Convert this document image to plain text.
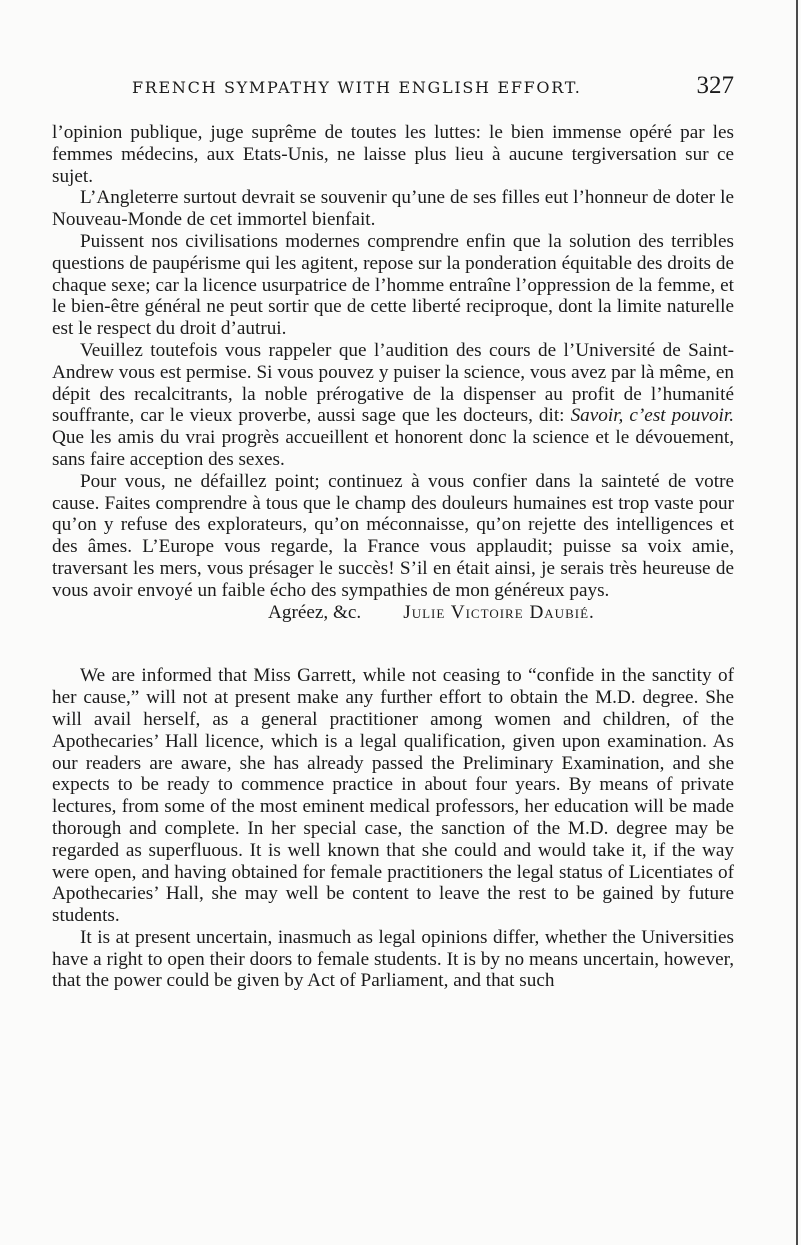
FRENCH SYMPATHY WITH ENGLISH EFFORT.	327

l’opinion publique, juge suprême de toutes les luttes: le bien immense opéré par les femmes médecins, aux Etats-Unis, ne laisse plus lieu à aucune tergiversation sur ce sujet.

L’Angleterre surtout devrait se souvenir qu’une de ses filles eut l’honneur de doter le Nouveau-Monde de cet immortel bienfait.

Puissent nos civilisations modernes comprendre enfin que la solution des terribles questions de paupérisme qui les agitent, repose sur la ponderation équitable des droits de chaque sexe; car la licence usurpatrice de l’homme entraîne l’oppression de la femme, et le bien-être général ne peut sortir que de cette liberté reciproque, dont la limite naturelle est le respect du droit d’autrui.

Veuillez toutefois vous rappeler que l’audition des cours de l’Université de Saint-Andrew vous est permise. Si vous pouvez y puiser la science, vous avez par là même, en dépit des recalcitrants, la noble prérogative de la dispenser au profit de l’humanité souffrante, car le vieux proverbe, aussi sage que les docteurs, dit: Savoir, c’est pouvoir. Que les amis du vrai progrès accueillent et honorent donc la science et le dévouement, sans faire acception des sexes.

Pour vous, ne défaillez point; continuez à vous confier dans la sainteté de votre cause. Faites comprendre à tous que le champ des douleurs humaines est trop vaste pour qu’on y refuse des explorateurs, qu’on méconnaisse, qu’on rejette des intelligences et des âmes. L’Europe vous regarde, la France vous applaudit; puisse sa voix amie, traversant les mers, vous présager le succès! S’il en était ainsi, je serais très heureuse de vous avoir envoyé un faible écho des sympathies de mon généreux pays.

Agréez, &c. Julie Victoire Daubié.

We are informed that Miss Garrett, while not ceasing to “confide in the sanctity of her cause,” will not at present make any further effort to obtain the M.D. degree. She will avail herself, as a general practitioner among women and children, of the Apothecaries’ Hall licence, which is a legal qualification, given upon examination. As our readers are aware, she has already passed the Preliminary Examination, and she expects to be ready to commence practice in about four years. By means of private lectures, from some of the most eminent medical professors, her education will be made thorough and complete. In her special case, the sanction of the M.D. degree may be regarded as superfluous. It is well known that she could and would take it, if the way were open, and having obtained for female practitioners the legal status of Licentiates of Apothecaries’ Hall, she may well be content to leave the rest to be gained by future students.

It is at present uncertain, inasmuch as legal opinions differ, whether the Universities have a right to open their doors to female students. It is by no means uncertain, however, that the power could be given by Act of Parliament, and that such
